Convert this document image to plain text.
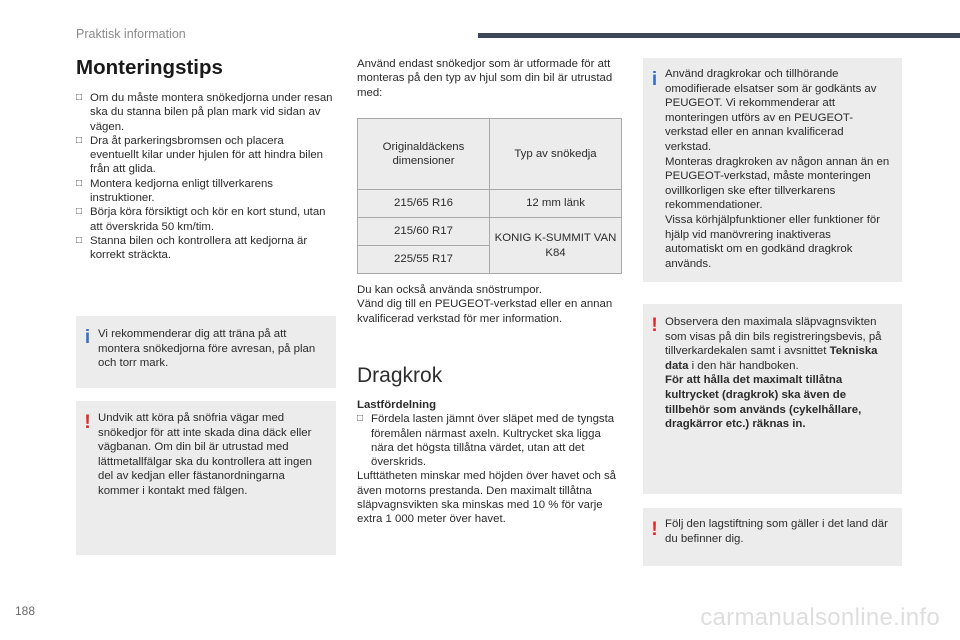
Praktisk information
Monteringstips
□ Om du måste montera snökedjorna under resan ska du stanna bilen på plan mark vid sidan av vägen.
□ Dra åt parkeringsbromsen och placera eventuellt kilar under hjulen för att hindra bilen från att glida.
□ Montera kedjorna enligt tillverkarens instruktioner.
□ Börja köra försiktigt och kör en kort stund, utan att överskrida 50 km/tim.
□ Stanna bilen och kontrollera att kedjorna är korrekt sträckta.
i Vi rekommenderar dig att träna på att montera snökedjorna före avresan, på plan och torr mark.
! Undvik att köra på snöfria vägar med snökedjor för att inte skada dina däck eller vägbanan. Om din bil är utrustad med lättmetallfälgar ska du kontrollera att ingen del av kedjan eller fästanordningarna kommer i kontakt med fälgen.
Använd endast snökedjor som är utformade för att monteras på den typ av hjul som din bil är utrustad med:
Originaldäckens dimensioner	Typ av snökedja
215/65 R16	12 mm länk
215/60 R17	KONIG K-SUMMIT VAN K84
225/55 R17	
Du kan också använda snöstrumpor.
Vänd dig till en PEUGEOT-verkstad eller en annan kvalificerad verkstad för mer information.
Dragkrok
Lastfördelning
□ Fördela lasten jämnt över släpet med de tyngsta föremålen närmast axeln. Kultrycket ska ligga nära det högsta tillåtna värdet, utan att det överskrids.
Lufttätheten minskar med höjden över havet och så även motorns prestanda. Den maximalt tillåtna släpvagnsvikten ska minskas med 10 % för varje extra 1 000 meter över havet.
i Använd dragkrokar och tillhörande omodifierade elsatser som är godkänts av PEUGEOT. Vi rekommenderar att monteringen utförs av en PEUGEOT-verkstad eller en annan kvalificerad verkstad.
Monteras dragkroken av någon annan än en PEUGEOT-verkstad, måste monteringen ovillkorligen ske efter tillverkarens rekommendationer.
Vissa körhjälpfunktioner eller funktioner för hjälp vid manövrering inaktiveras automatiskt om en godkänd dragkrok används.
! Observera den maximala släpvagnsvikten som visas på din bils registreringsbevis, på tillverkardekalen samt i avsnittet Tekniska data i den här handboken.
För att hålla det maximalt tillåtna kultrycket (dragkrok) ska även de tillbehör som används (cykelhållare, dragkärror etc.) räknas in.
! Följ den lagstiftning som gäller i det land där du befinner dig.
188	carmanualsonline.info
